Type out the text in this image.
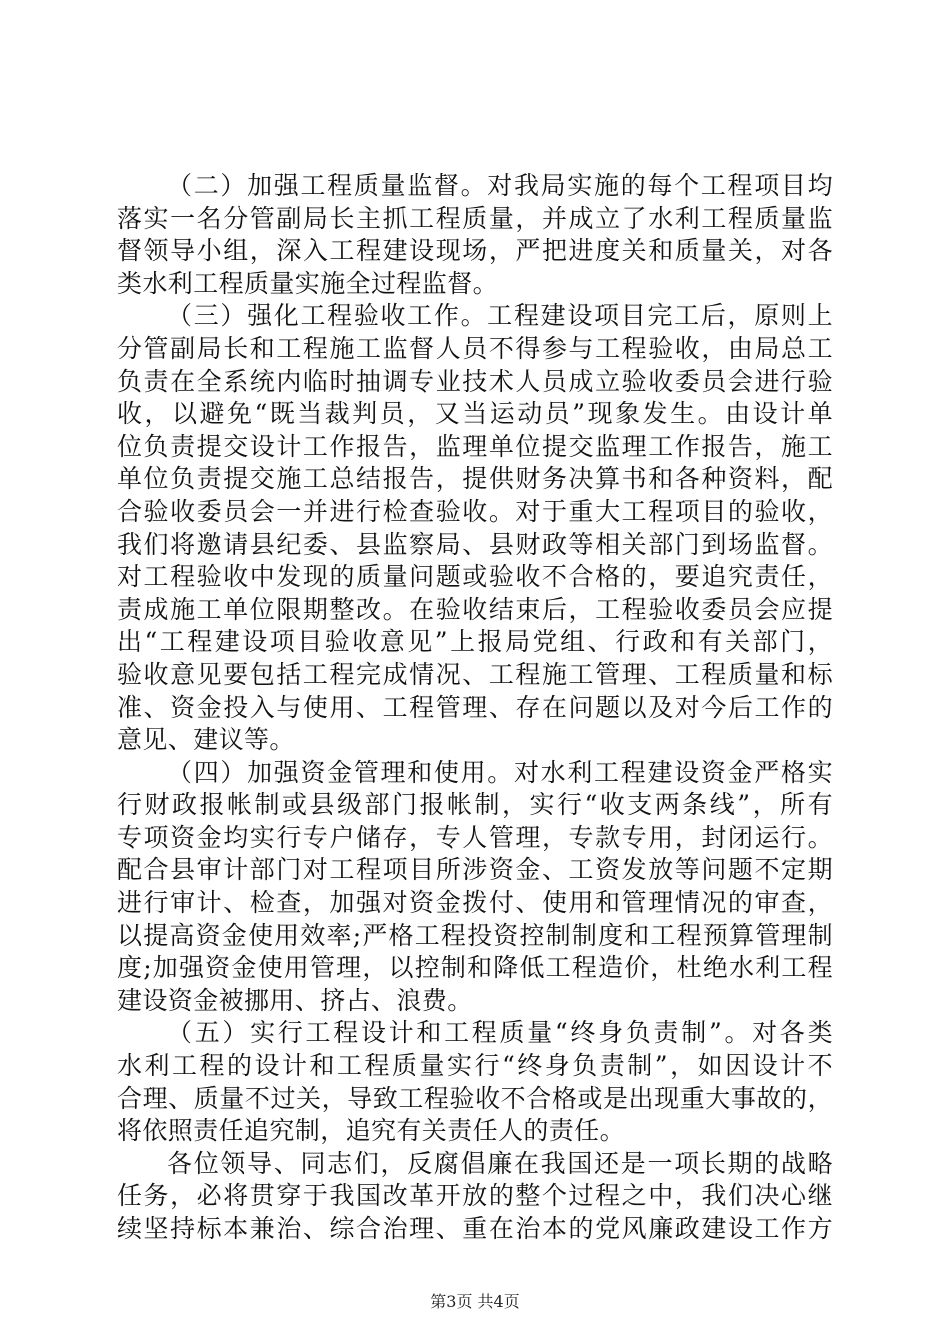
（二）加强工程质量监督。对我局实施的每个工程项目均
落实一名分管副局长主抓工程质量，并成立了水利工程质量监
督领导小组，深入工程建设现场，严把进度关和质量关，对各
类水利工程质量实施全过程监督。
（三）强化工程验收工作。工程建设项目完工后，原则上
分管副局长和工程施工监督人员不得参与工程验收，由局总工
负责在全系统内临时抽调专业技术人员成立验收委员会进行验
收，以避免“既当裁判员，又当运动员”现象发生。由设计单
位负责提交设计工作报告，监理单位提交监理工作报告，施工
单位负责提交施工总结报告，提供财务决算书和各种资料，配
合验收委员会一并进行检查验收。对于重大工程项目的验收，
我们将邀请县纪委、县监察局、县财政等相关部门到场监督。
对工程验收中发现的质量问题或验收不合格的，要追究责任，
责成施工单位限期整改。在验收结束后，工程验收委员会应提
出“工程建设项目验收意见”上报局党组、行政和有关部门，
验收意见要包括工程完成情况、工程施工管理、工程质量和标
准、资金投入与使用、工程管理、存在问题以及对今后工作的
意见、建议等。
（四）加强资金管理和使用。对水利工程建设资金严格实
行财政报帐制或县级部门报帐制，实行“收支两条线”，所有
专项资金均实行专户储存，专人管理，专款专用，封闭运行。
配合县审计部门对工程项目所涉资金、工资发放等问题不定期
进行审计、检查，加强对资金拨付、使用和管理情况的审查，
以提高资金使用效率;严格工程投资控制制度和工程预算管理制
度;加强资金使用管理，以控制和降低工程造价，杜绝水利工程
建设资金被挪用、挤占、浪费。
（五）实行工程设计和工程质量“终身负责制”。对各类
水利工程的设计和工程质量实行“终身负责制”，如因设计不
合理、质量不过关，导致工程验收不合格或是出现重大事故的，
将依照责任追究制，追究有关责任人的责任。
各位领导、同志们，反腐倡廉在我国还是一项长期的战略
任务，必将贯穿于我国改革开放的整个过程之中，我们决心继
续坚持标本兼治、综合治理、重在治本的党风廉政建设工作方
第3页 共4页
